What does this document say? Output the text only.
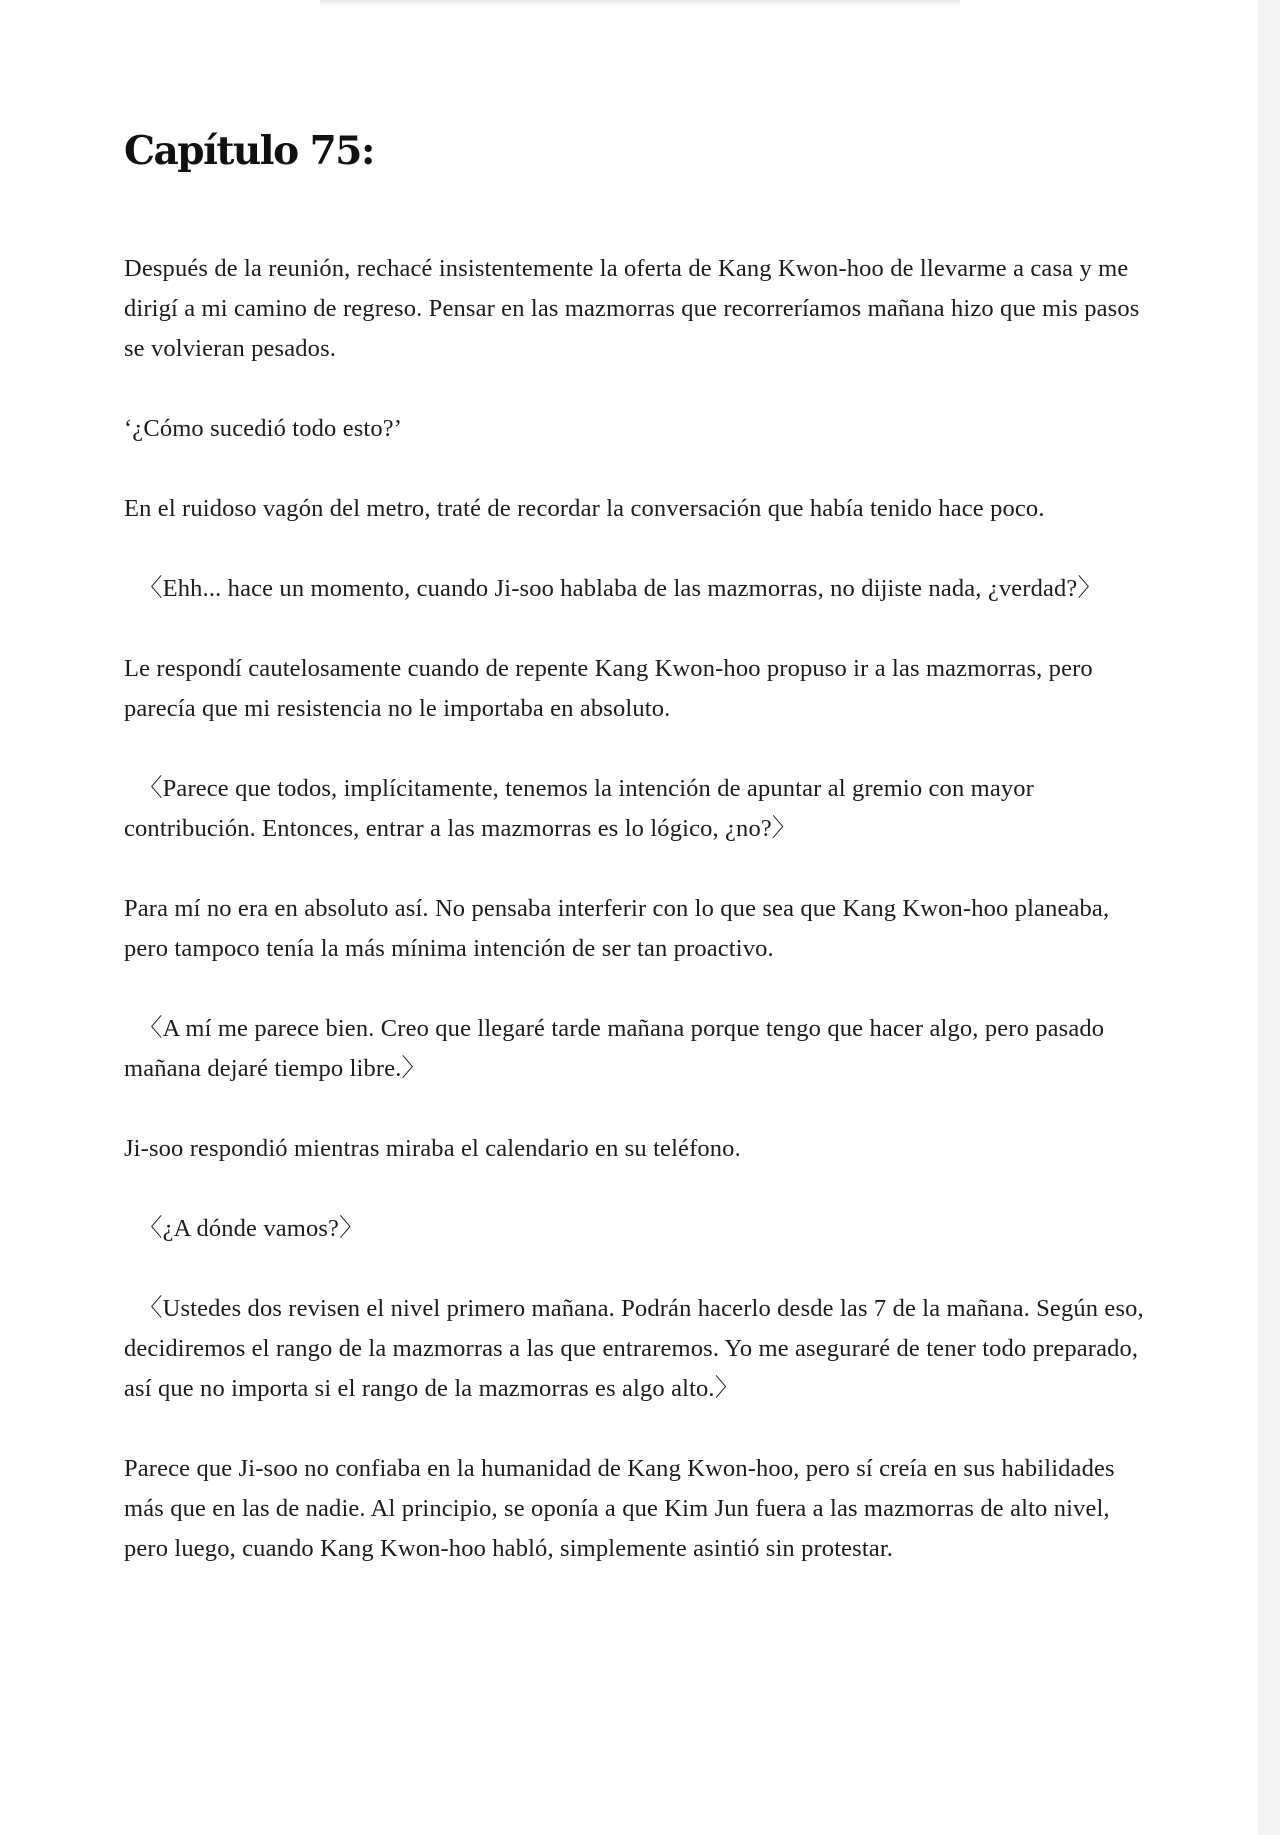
Capítulo 75:

Después de la reunión, rechacé insistentemente la oferta de Kang Kwon-hoo de llevarme a casa y me dirigí a mi camino de regreso. Pensar en las mazmorras que recorreríamos mañana hizo que mis pasos se volvieran pesados.

‘¿Cómo sucedió todo esto?’

En el ruidoso vagón del metro, traté de recordar la conversación que había tenido hace poco.

〈Ehh... hace un momento, cuando Ji-soo hablaba de las mazmorras, no dijiste nada, ¿verdad?〉

Le respondí cautelosamente cuando de repente Kang Kwon-hoo propuso ir a las mazmorras, pero parecía que mi resistencia no le importaba en absoluto.

〈Parece que todos, implícitamente, tenemos la intención de apuntar al gremio con mayor contribución. Entonces, entrar a las mazmorras es lo lógico, ¿no?〉

Para mí no era en absoluto así. No pensaba interferir con lo que sea que Kang Kwon-hoo planeaba, pero tampoco tenía la más mínima intención de ser tan proactivo.

〈A mí me parece bien. Creo que llegaré tarde mañana porque tengo que hacer algo, pero pasado mañana dejaré tiempo libre.〉

Ji-soo respondió mientras miraba el calendario en su teléfono.

〈¿A dónde vamos?〉

〈Ustedes dos revisen el nivel primero mañana. Podrán hacerlo desde las 7 de la mañana. Según eso, decidiremos el rango de la mazmorras a las que entraremos. Yo me aseguraré de tener todo preparado, así que no importa si el rango de la mazmorras es algo alto.〉

Parece que Ji-soo no confiaba en la humanidad de Kang Kwon-hoo, pero sí creía en sus habilidades más que en las de nadie. Al principio, se oponía a que Kim Jun fuera a las mazmorras de alto nivel, pero luego, cuando Kang Kwon-hoo habló, simplemente asintió sin protestar.
